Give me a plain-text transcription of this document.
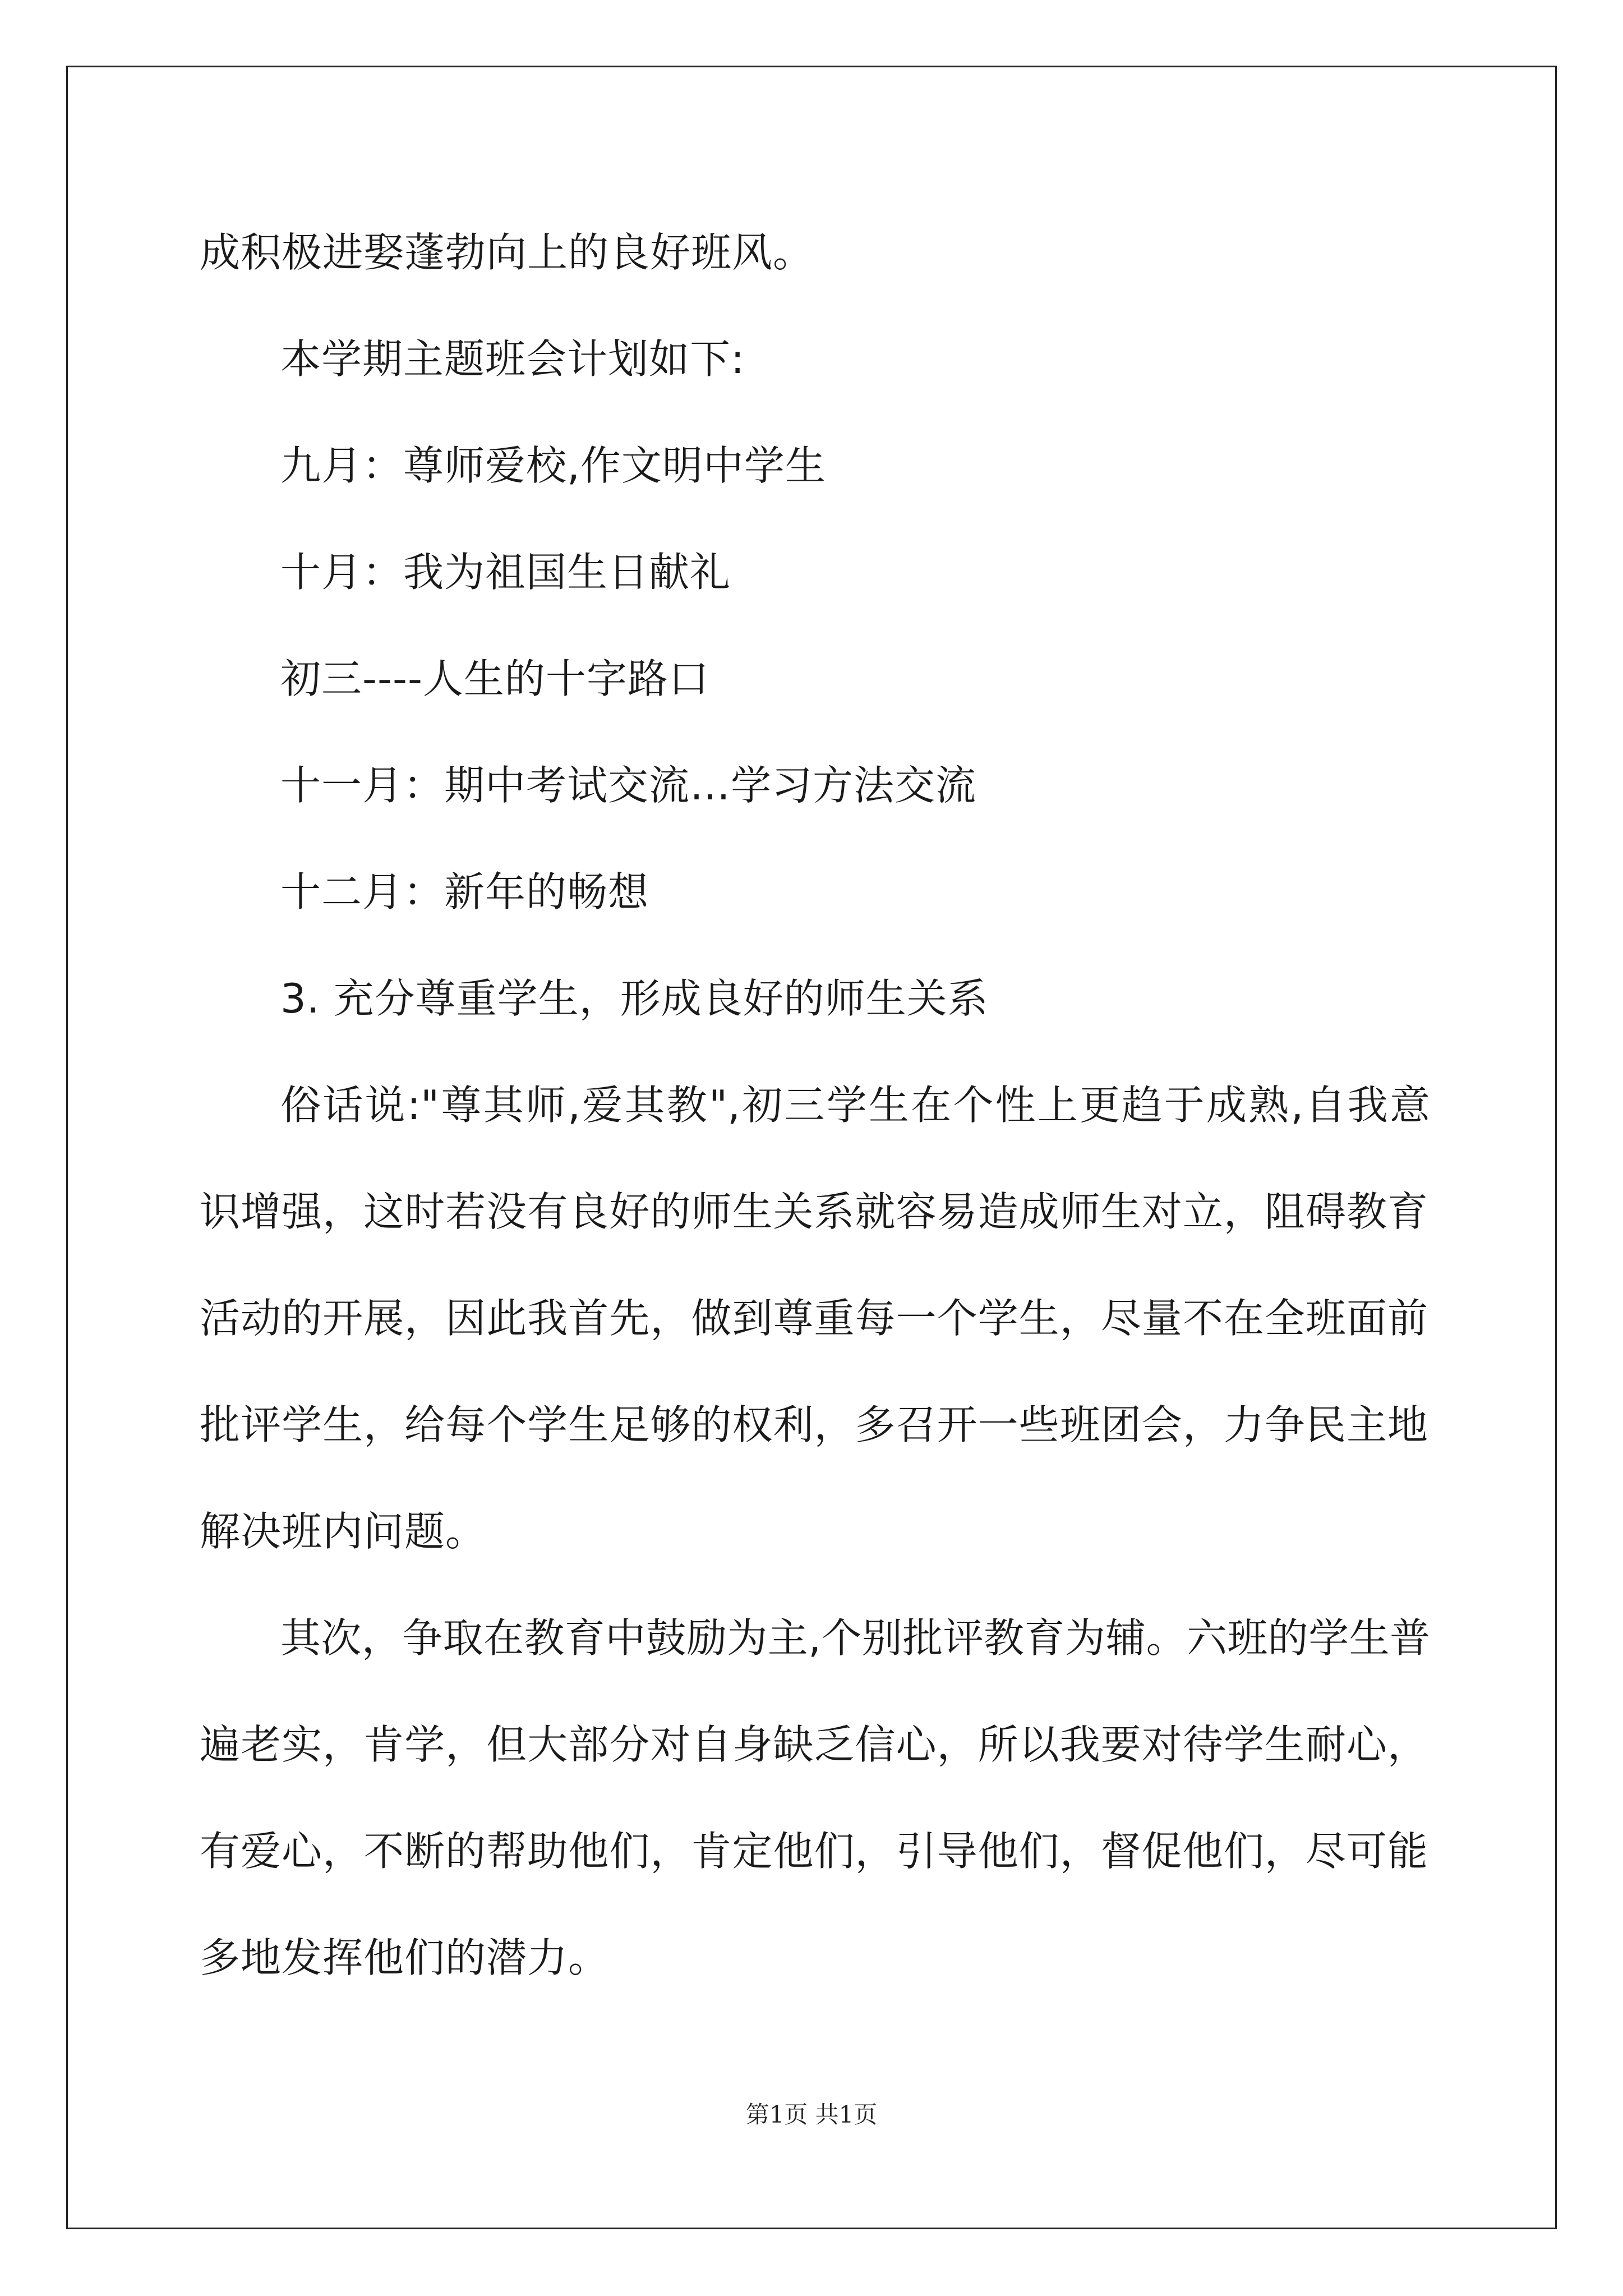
成积极进娶蓬勃向上的良好班风。
本学期主题班会计划如下:
九月：尊师爱校,作文明中学生
十月：我为祖国生日献礼
初三----人生的十字路口
十一月：期中考试交流…学习方法交流
十二月：新年的畅想
3. 充分尊重学生，形成良好的师生关系
俗话说:"尊其师,爱其教",初三学生在个性上更趋于成熟,自我意
识增强，这时若没有良好的师生关系就容易造成师生对立，阻碍教育
活动的开展，因此我首先，做到尊重每一个学生，尽量不在全班面前
批评学生，给每个学生足够的权利，多召开一些班团会，力争民主地
解决班内问题。
其次，争取在教育中鼓励为主,个别批评教育为辅。六班的学生普
遍老实，肯学，但大部分对自身缺乏信心，所以我要对待学生耐心，
有爱心，不断的帮助他们，肯定他们，引导他们，督促他们，尽可能
多地发挥他们的潜力。
第1页 共1页
